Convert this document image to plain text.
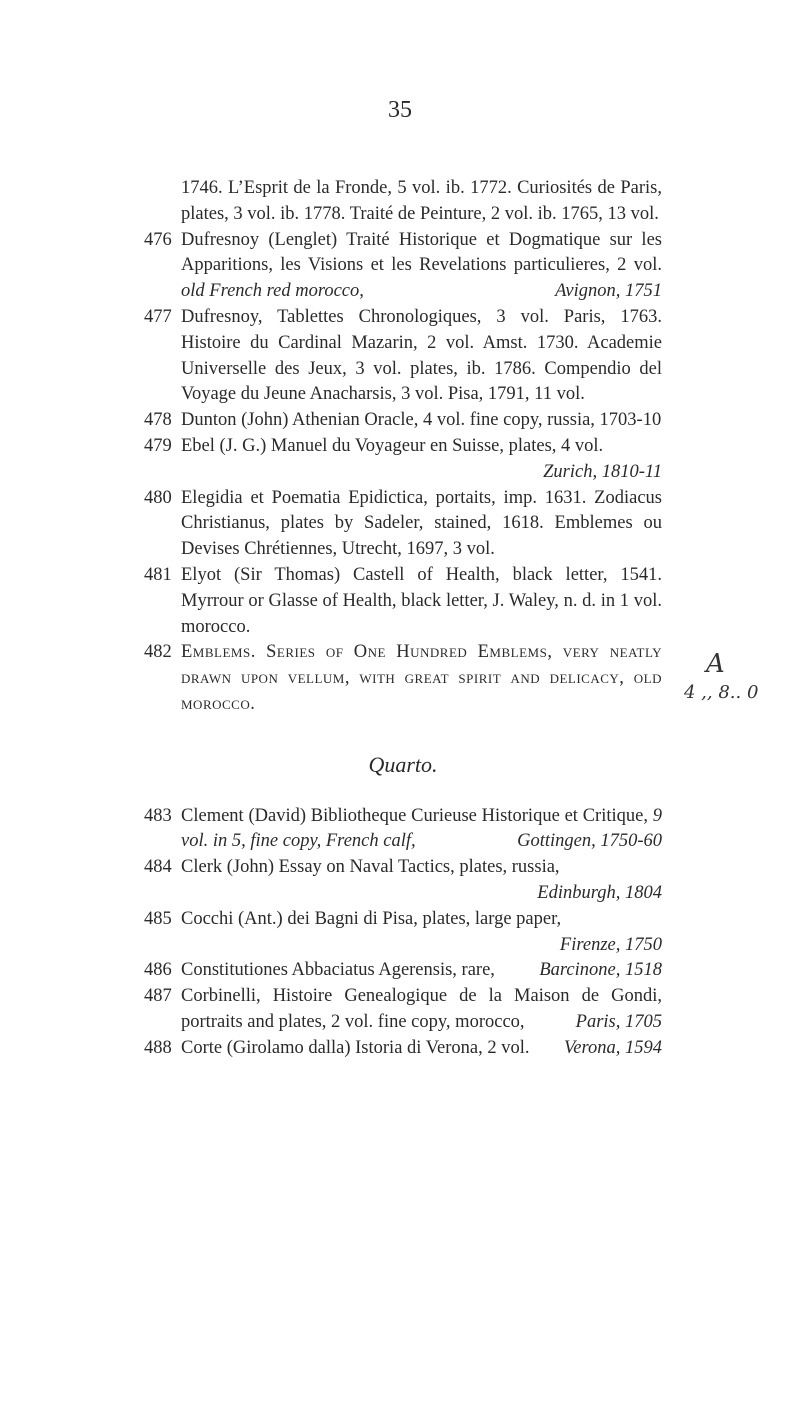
35
1746. L’Esprit de la Fronde, 5 vol. ib. 1772. Curiosités de Paris, plates, 3 vol. ib. 1778. Traité de Peinture, 2 vol. ib. 1765, 13 vol.
476 Dufresnoy (Lenglet) Traité Historique et Dogmatique sur les Apparitions, les Visions et les Revelations particulieres, 2 vol. old French red morocco,	Avignon, 1751
477 Dufresnoy, Tablettes Chronologiques, 3 vol. Paris, 1763. Histoire du Cardinal Mazarin, 2 vol. Amst. 1730. Academie Universelle des Jeux, 3 vol. plates, ib. 1786. Compendio del Voyage du Jeune Anacharsis, 3 vol. Pisa, 1791, 11 vol.
478 Dunton (John) Athenian Oracle, 4 vol. fine copy, russia, 1703-10
479 Ebel (J. G.) Manuel du Voyageur en Suisse, plates, 4 vol.
Zurich, 1810-11
480 Elegidia et Poematia Epidictica, portaits, imp. 1631. Zodiacus Christianus, plates by Sadeler, stained, 1618. Emblemes ou Devises Chrétiennes, Utrecht, 1697, 3 vol.
481 Elyot (Sir Thomas) Castell of Health, black letter, 1541. Myrrour or Glasse of Health, black letter, J. Waley, n. d. in 1 vol. morocco.
482 Emblems. Series of One Hundred Emblems, very neatly drawn upon vellum, with great spirit and delicacy, old morocco.
Quarto.
483 Clement (David) Bibliotheque Curieuse Historique et Critique, 9 vol. in 5, fine copy, French calf,	Gottingen, 1750-60
484 Clerk (John) Essay on Naval Tactics, plates, russia,
Edinburgh, 1804
485 Cocchi (Ant.) dei Bagni di Pisa, plates, large paper,
Firenze, 1750
486 Constitutiones Abbaciatus Agerensis, rare, Barcinone, 1518
487 Corbinelli, Histoire Genealogique de la Maison de Gondi, portraits and plates, 2 vol. fine copy, morocco,	Paris, 1705
488 Corte (Girolamo dalla) Istoria di Verona, 2 vol. Verona, 1594
A
4 ,, 8.. 0
